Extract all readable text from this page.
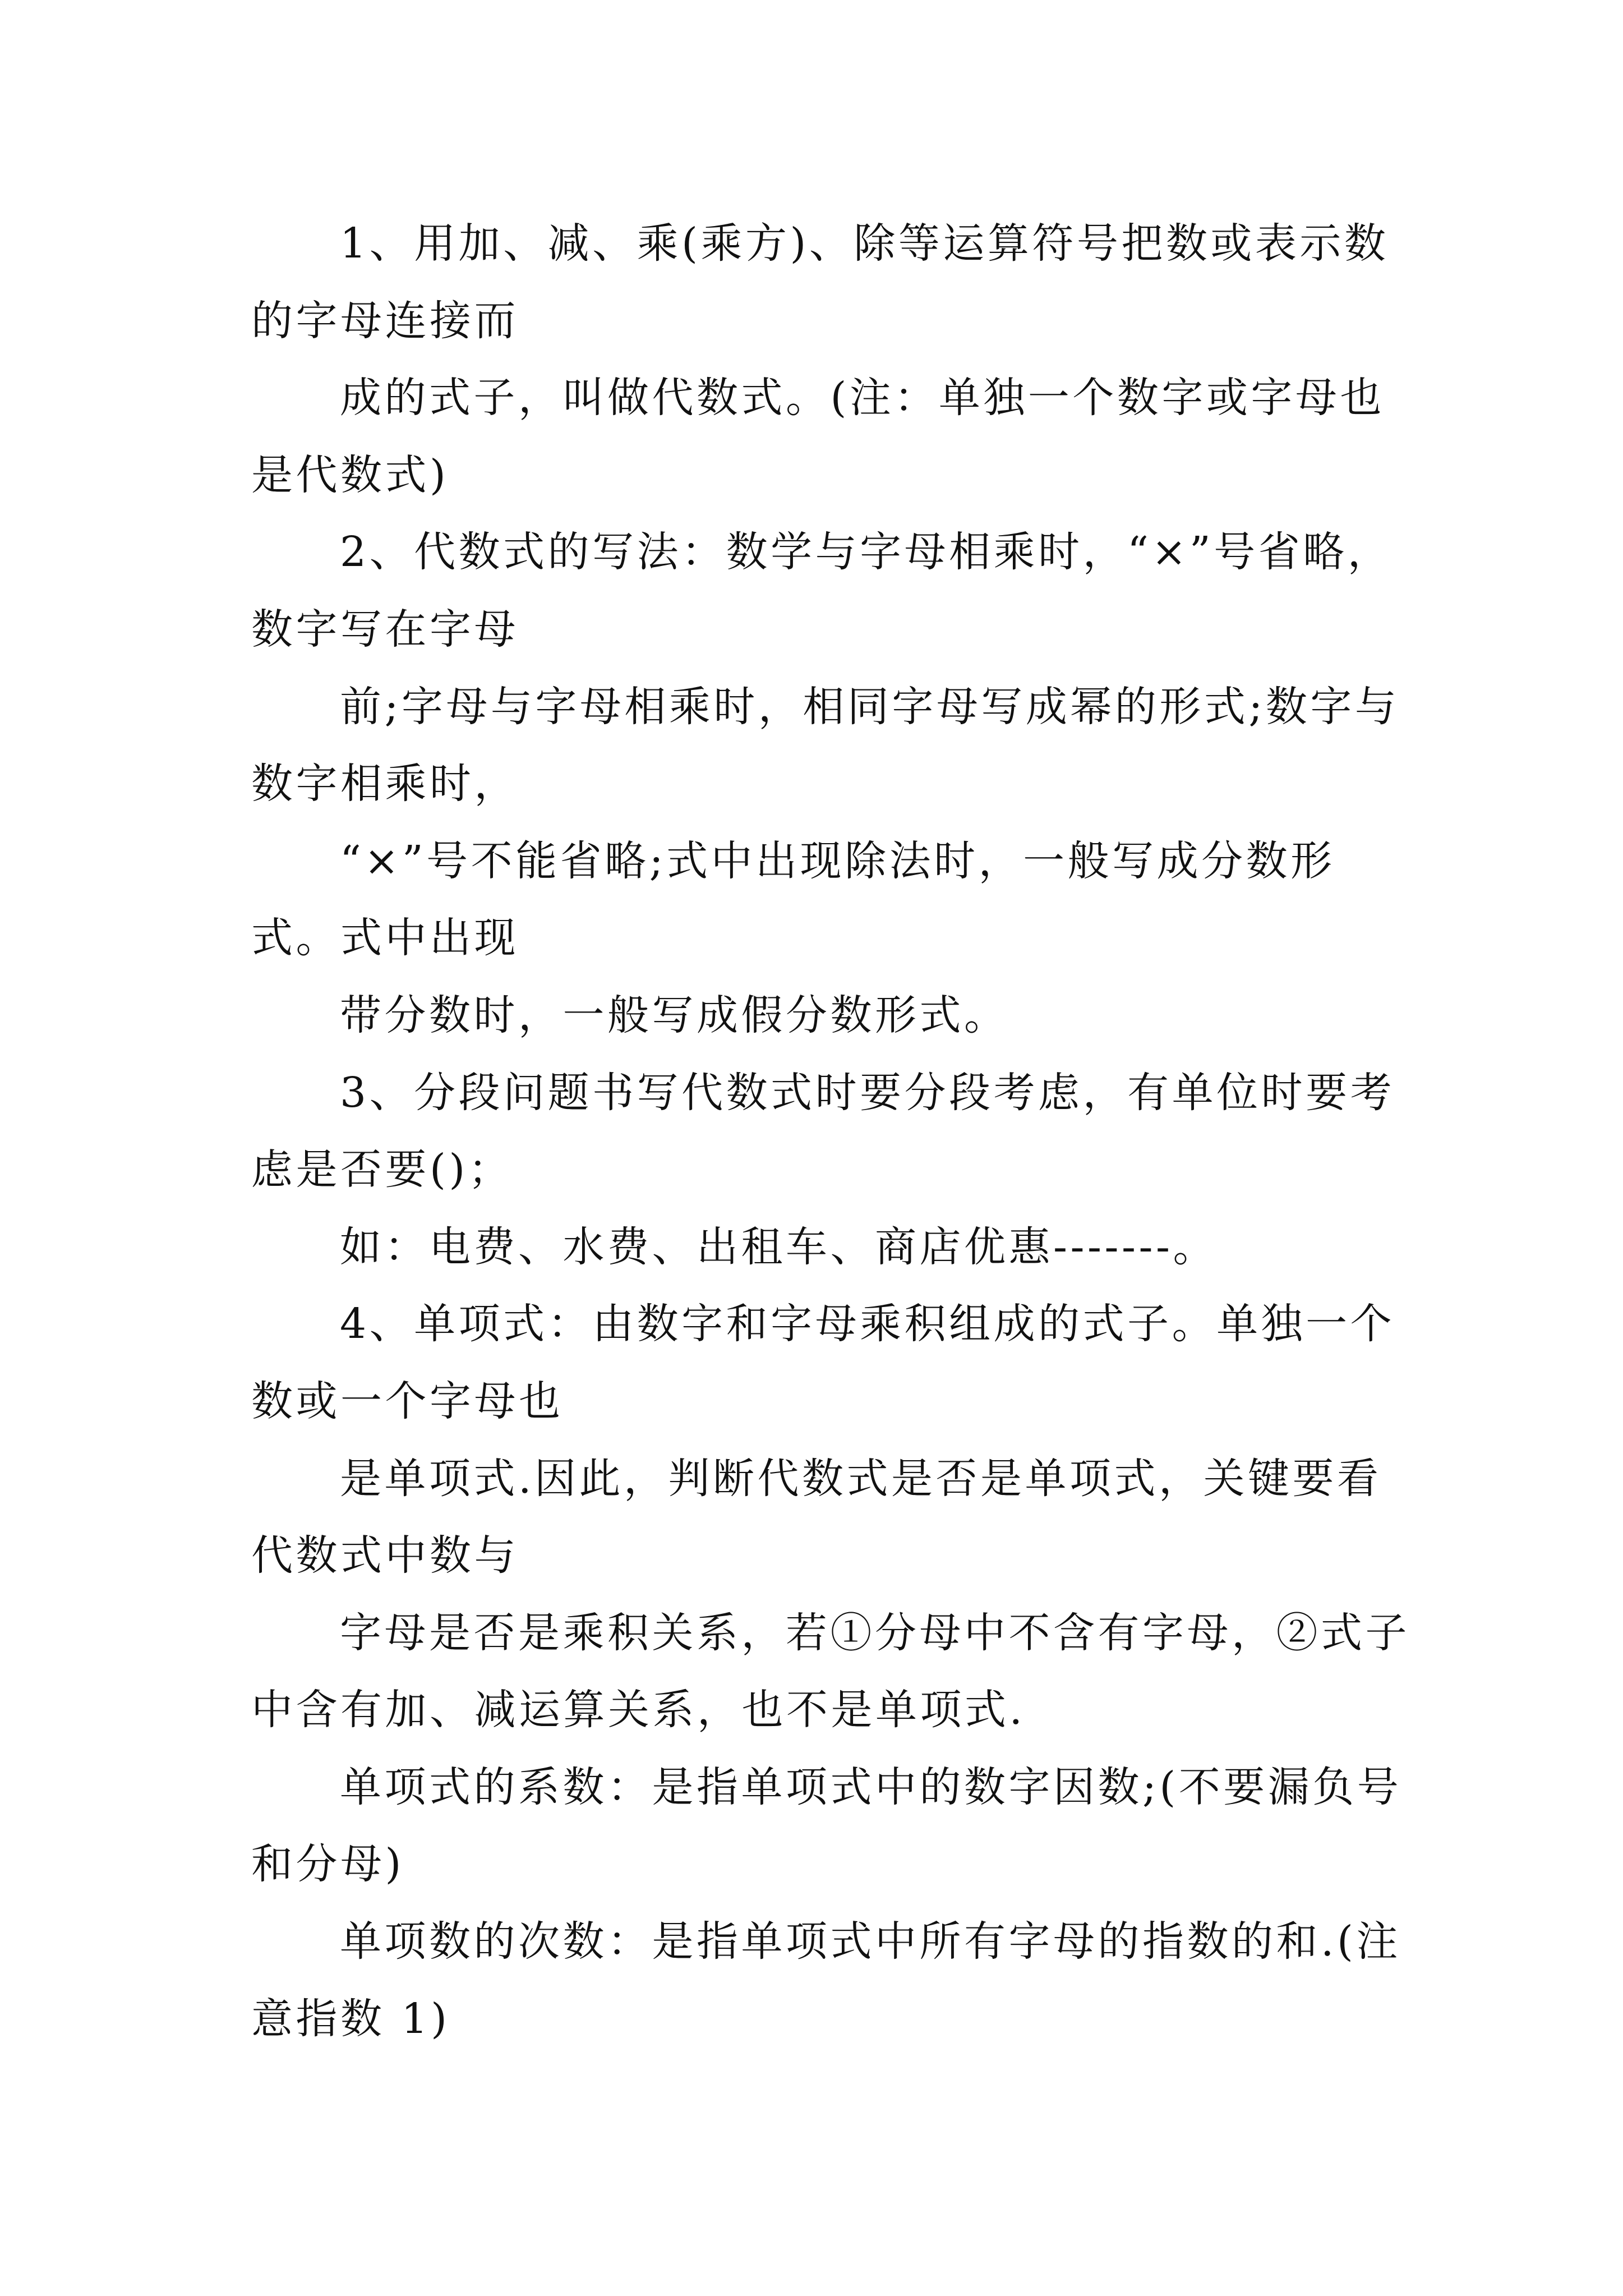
1、用加、减、乘(乘方)、除等运算符号把数或表示数
的字母连接而
成的式子，叫做代数式。(注：单独一个数字或字母也
是代数式)
2、代数式的写法：数学与字母相乘时，“×”号省略，
数字写在字母
前;字母与字母相乘时，相同字母写成幂的形式;数字与
数字相乘时，
“×”号不能省略;式中出现除法时，一般写成分数形
式。式中出现
带分数时，一般写成假分数形式。
3、分段问题书写代数式时要分段考虑，有单位时要考
虑是否要()；
如：电费、水费、出租车、商店优惠-------。
4、单项式：由数字和字母乘积组成的式子。单独一个
数或一个字母也
是单项式.因此，判断代数式是否是单项式，关键要看
代数式中数与
字母是否是乘积关系，若①分母中不含有字母，②式子
中含有加、减运算关系，也不是单项式.
单项式的系数：是指单项式中的数字因数;(不要漏负号
和分母)
单项数的次数：是指单项式中所有字母的指数的和.(注
意指数 1)
